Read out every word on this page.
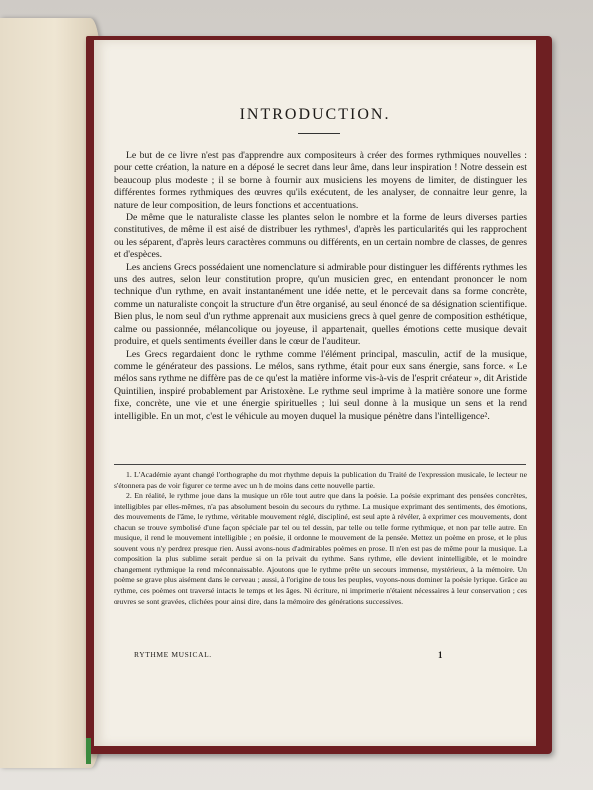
INTRODUCTION.

Le but de ce livre n'est pas d'apprendre aux compositeurs à créer des formes rythmiques nouvelles : pour cette création, la nature en a déposé le secret dans leur âme, dans leur inspiration ! Notre dessein est beaucoup plus modeste ; il se borne à fournir aux musiciens les moyens de limiter, de distinguer les différentes formes rythmiques des œuvres qu'ils exécutent, de les analyser, de connaitre leur genre, la nature de leur composition, de leurs fonctions et accentuations.

De même que le naturaliste classe les plantes selon le nombre et la forme de leurs diverses parties constitutives, de même il est aisé de distribuer les rythmes¹, d'après les particularités qui les rapprochent ou les séparent, d'après leurs caractères communs ou différents, en un certain nombre de classes, de genres et d'espèces.

Les anciens Grecs possédaient une nomenclature si admirable pour distinguer les différents rythmes les uns des autres, selon leur constitution propre, qu'un musicien grec, en entendant prononcer le nom technique d'un rythme, en avait instantanément une idée nette, et le percevait dans sa forme concrète, comme un naturaliste conçoit la structure d'un être organisé, au seul énoncé de sa désignation scientifique. Bien plus, le nom seul d'un rythme apprenait aux musiciens grecs à quel genre de composition esthétique, calme ou passionnée, mélancolique ou joyeuse, il appartenait, quelles émotions cette musique devait produire, et quels sentiments éveiller dans le cœur de l'auditeur.

Les Grecs regardaient donc le rythme comme l'élément principal, masculin, actif de la musique, comme le générateur des passions. Le mélos, sans rythme, était pour eux sans énergie, sans force. « Le mélos sans rythme ne diffère pas de ce qu'est la matière informe vis-à-vis de l'esprit créateur », dit Aristide Quintilien, inspiré probablement par Aristoxène. Le rythme seul imprime à la matière sonore une forme fixe, concrète, une vie et une énergie spirituelles ; lui seul donne à la musique un sens et la rend intelligible. En un mot, c'est le véhicule au moyen duquel la musique pénètre dans l'intelligence².

1. L'Académie ayant changé l'orthographe du mot rhythme depuis la publication du Traité de l'expression musicale, le lecteur ne s'étonnera pas de voir figurer ce terme avec un h de moins dans cette nouvelle partie.

2. En réalité, le rythme joue dans la musique un rôle tout autre que dans la poésie. La poésie exprimant des pensées concrètes, intelligibles par elles-mêmes, n'a pas absolument besoin du secours du rythme. La musique exprimant des sentiments, des émotions, des mouvements de l'âme, le rythme, véritable mouvement réglé, discipliné, est seul apte à révéler, à exprimer ces mouvements, dont chacun se trouve symbolisé d'une façon spéciale par tel ou tel dessin, par telle ou telle forme rythmique, et non par telle autre. En musique, il rend le mouvement intelligible ; en poésie, il ordonne le mouvement de la pensée. Mettez un poème en prose, et le plus souvent vous n'y perdrez presque rien. Aussi avons-nous d'admirables poèmes en prose. Il n'en est pas de même pour la musique. La composition la plus sublime serait perdue si on la privait du rythme. Sans rythme, elle devient inintelligible, et le moindre changement rythmique la rend méconnaissable. Ajoutons que le rythme prête un secours immense, mystérieux, à la mémoire. Un poème se grave plus aisément dans le cerveau ; aussi, à l'origine de tous les peuples, voyons-nous dominer la poésie lyrique. Grâce au rythme, ces poèmes ont traversé intacts le temps et les âges. Ni écriture, ni imprimerie n'étaient nécessaires à leur conservation ; ces œuvres se sont gravées, clichées pour ainsi dire, dans la mémoire des générations successives.

RYTHME MUSICAL.	1
